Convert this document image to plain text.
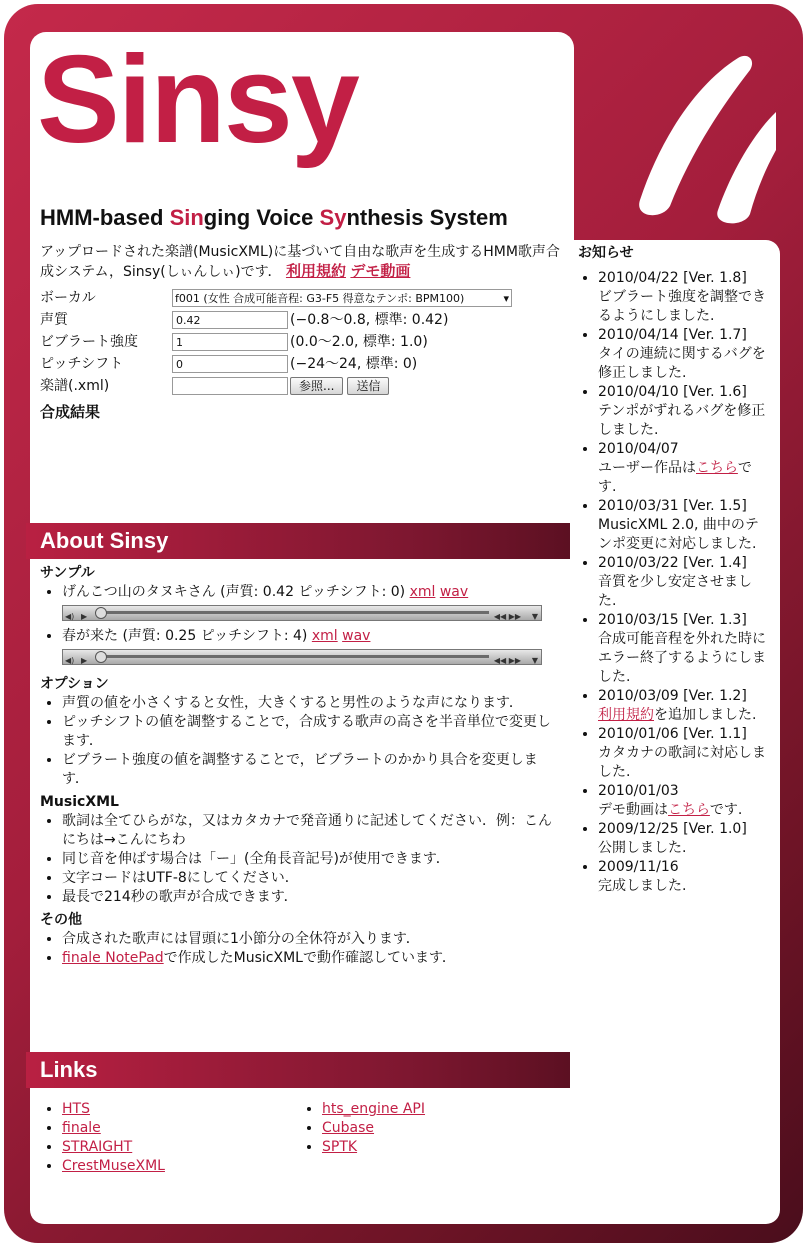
Sinsy
HMM-based Singing Voice Synthesis System
アップロードされた楽譜(MusicXML)に基づいて自由な歌声を生成するHMM歌声合成システム，Sinsy(しぃんしぃ)です． 利用規約 デモ動画
ボーカル	f001 (女性 合成可能音程: G3-F5 得意なテンポ: BPM100) ▾	

声質	0.42	(−0.8〜0.8, 標準: 0.42)
ビブラート強度	1	(0.0〜2.0, 標準: 1.0)
ピッチシフト	0	(−24〜24, 標準: 0)
楽譜(.xml)		参照... 送信
合成結果
About Sinsy
サンプル
• げんこつ山のタヌキさん (声質: 0.42 ピッチシフト: 0) xml wav
◀) ▶	◀◀ ▶▶ ▼
• 春が来た (声質: 0.25 ピッチシフト: 4) xml wav
◀) ▶	◀◀ ▶▶ ▼
オプション
• 声質の値を小さくすると女性，大きくすると男性のような声になります．
• ピッチシフトの値を調整することで，合成する歌声の高さを半音単位で変更します．
• ビブラート強度の値を調整することで，ビブラートのかかり具合を変更します．
MusicXML
• 歌詞は全てひらがな，又はカタカナで発音通りに記述してください．例：こんにちは→こんにちわ
• 同じ音を伸ばす場合は「ー」(全角長音記号)が使用できます．
• 文字コードはUTF-8にしてください．
• 最長で214秒の歌声が合成できます．
その他
• 合成された歌声には冒頭に1小節分の全休符が入ります．
• finale NotePadで作成したMusicXMLで動作確認しています．
Links
• HTS
• finale
• STRAIGHT
• CrestMuseXML
• hts_engine API
• Cubase
• SPTK
お知らせ
• 2010/04/22 [Ver. 1.8]
ビブラート強度を調整できるようにしました.
• 2010/04/14 [Ver. 1.7]
タイの連続に関するバグを修正しました.
• 2010/04/10 [Ver. 1.6]
テンポがずれるバグを修正しました.
• 2010/04/07
ユーザー作品はこちらです.
• 2010/03/31 [Ver. 1.5]
MusicXML 2.0, 曲中のテンポ変更に対応しました.
• 2010/03/22 [Ver. 1.4]
音質を少し安定させました.
• 2010/03/15 [Ver. 1.3]
合成可能音程を外れた時にエラー終了するようにしました.
• 2010/03/09 [Ver. 1.2]
利用規約を追加しました.
• 2010/01/06 [Ver. 1.1]
カタカナの歌詞に対応しました.
• 2010/01/03
デモ動画はこちらです.
• 2009/12/25 [Ver. 1.0]
公開しました.
• 2009/11/16
完成しました.
